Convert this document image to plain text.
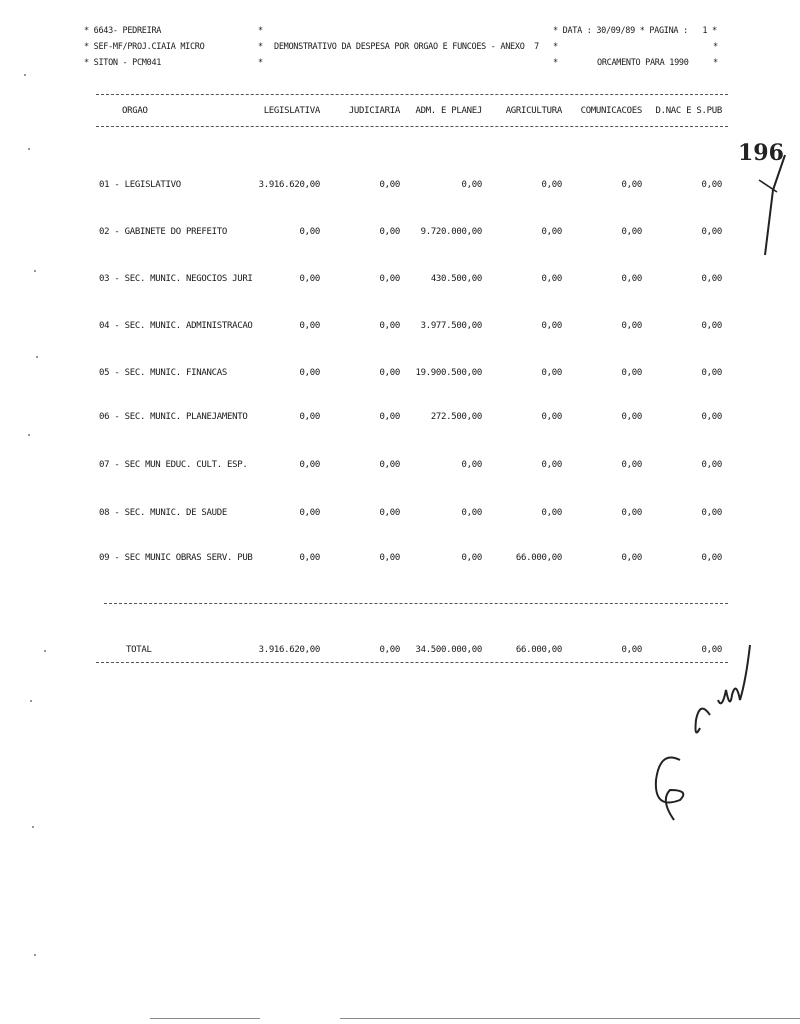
* 6643- PEDREIRA
* SEF-MF/PROJ.CIAIA MICRO
* SITON - PCM041
*
*
*
DEMONSTRATIVO DA DESPESA POR ORGAO E FUNCOES - ANEXO  7
* DATA : 30/09/89 * PAGINA :   1 *
*	*
*	ORCAMENTO PARA 1990	*
ORGAO	LEGISLATIVA	JUDICIARIA	ADM. E PLANEJ	AGRICULTURA	COMUNICACOES	D.NAC E S.PUB
01 - LEGISLATIVO	3.916.620,00	0,00	0,00	0,00	0,00	0,00
02 - GABINETE DO PREFEITO	0,00	0,00	9.720.000,00	0,00	0,00	0,00
03 - SEC. MUNIC. NEGOCIOS JURI	0,00	0,00	430.500,00	0,00	0,00	0,00
04 - SEC. MUNIC. ADMINISTRACAO	0,00	0,00	3.977.500,00	0,00	0,00	0,00
05 - SEC. MUNIC. FINANCAS	0,00	0,00	19.900.500,00	0,00	0,00	0,00
06 - SEC. MUNIC. PLANEJAMENTO	0,00	0,00	272.500,00	0,00	0,00	0,00
07 - SEC MUN EDUC. CULT. ESP.	0,00	0,00	0,00	0,00	0,00	0,00
08 - SEC. MUNIC. DE SAUDE	0,00	0,00	0,00	0,00	0,00	0,00
09 - SEC MUNIC OBRAS SERV. PUB	0,00	0,00	0,00	66.000,00	0,00	0,00
TOTAL	3.916.620,00	0,00	34.500.000,00	66.000,00	0,00	0,00
196
